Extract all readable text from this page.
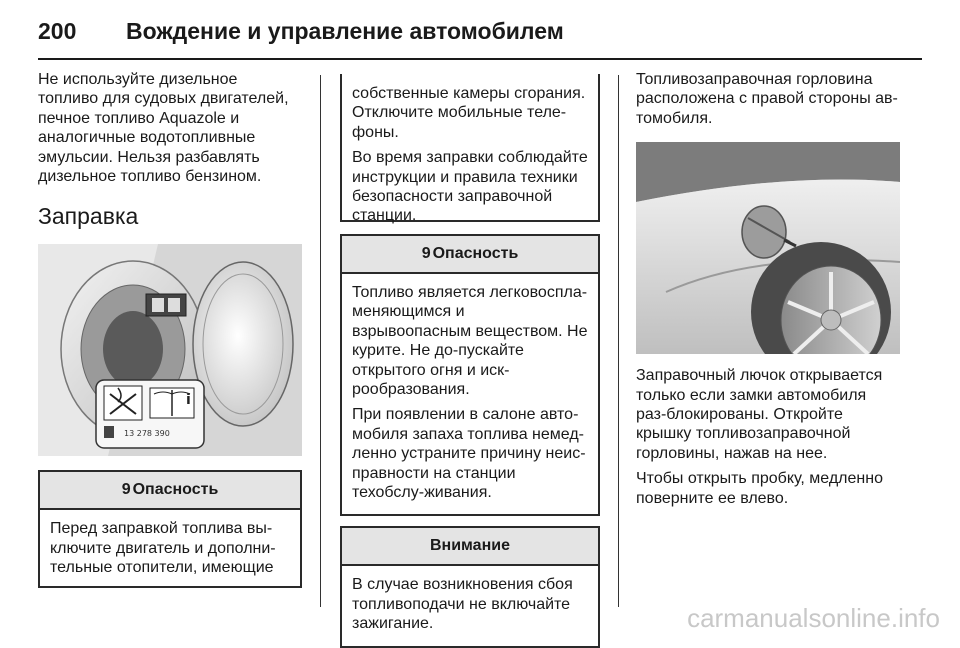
200 Вождение и управление автомобилем

Не используйте дизельное топливо для судовых двигателей, печное топливо Aquazole и аналогичные водотопливные эмульсии. Нельзя разбавлять дизельное топливо бензином.

Заправка
i
13 278 390
9 Опасность

Перед заправкой топлива вы-ключите двигатель и дополни-тельные отопители, имеющие

собственные камеры сгорания. Отключите мобильные теле-фоны.

Во время заправки соблюдайте инструкции и правила техники безопасности заправочной станции.

9 Опасность

Топливо является легковоспла-меняющимся и взрывоопасным веществом. Не курите. Не до-пускайте открытого огня и иск-рообразования.

При появлении в салоне авто-мобиля запаха топлива немед-ленно устраните причину неис-правности на станции техобслу-живания.

Внимание

В случае возникновения сбоя топливоподачи не включайте зажигание.

Топливозаправочная горловина расположена с правой стороны ав-томобиля.

Заправочный лючок открывается только если замки автомобиля раз-блокированы. Откройте крышку топливозаправочной горловины, нажав на нее.

Чтобы открыть пробку, медленно поверните ее влево.

carmanualsonline.info
